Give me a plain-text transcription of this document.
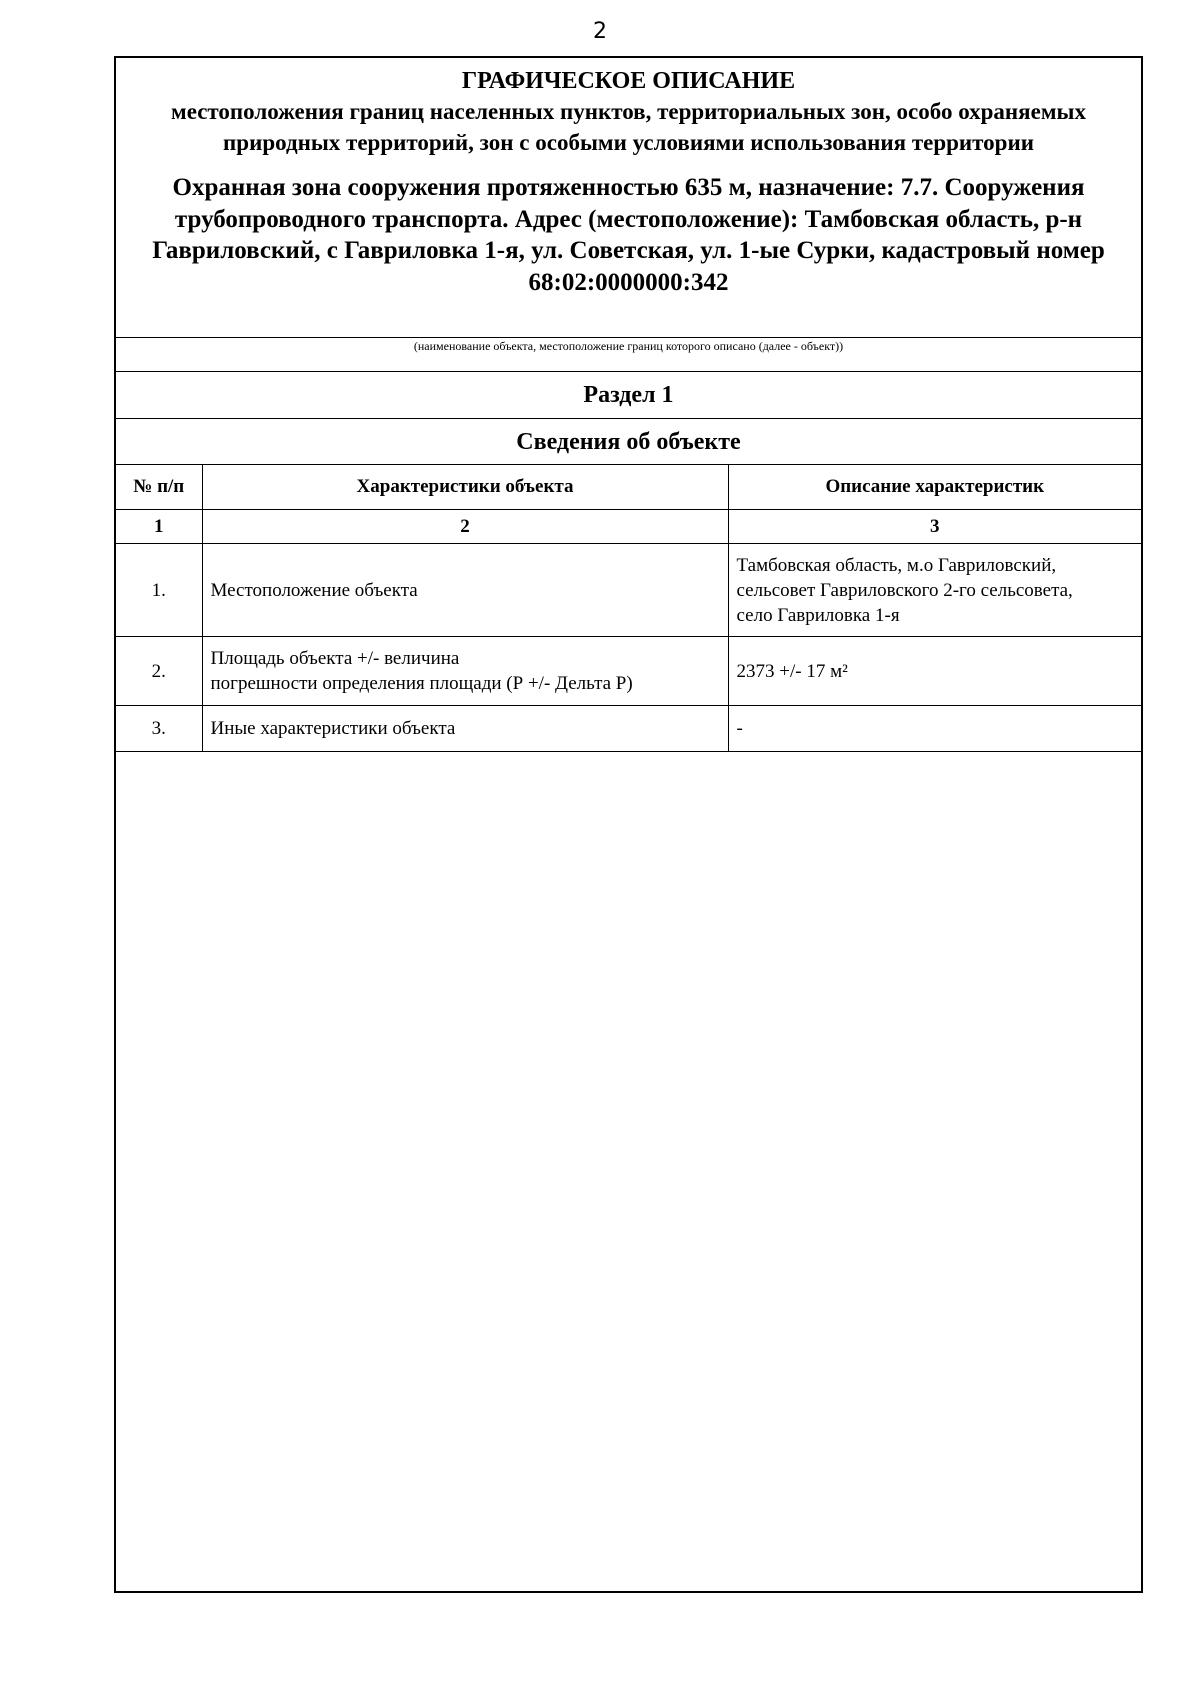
2
ГРАФИЧЕСКОЕ ОПИСАНИЕ
местоположения границ населенных пунктов, территориальных зон, особо охраняемых природных территорий, зон с особыми условиями использования территории
Охранная зона сооружения протяженностью 635 м, назначение: 7.7. Сооружения трубопроводного транспорта. Адрес (местоположение): Тамбовская область, р-н Гавриловский, с Гавриловка 1-я, ул. Советская, ул. 1-ые Сурки, кадастровый номер 68:02:0000000:342
(наименование объекта, местоположение границ которого описано (далее - объект))
Раздел 1
Сведения об объекте
№ п/п	Характеристики объекта	Описание характеристик
1	2	3
1.	Местоположение объекта	Тамбовская область, м.о Гавриловский,
сельсовет Гавриловского 2-го сельсовета,
село Гавриловка 1-я
2.	Площадь объекта +/- величина
погрешности определения площади (Р +/- Дельта Р)	2373 +/- 17 м²
3.	Иные характеристики объекта	-
